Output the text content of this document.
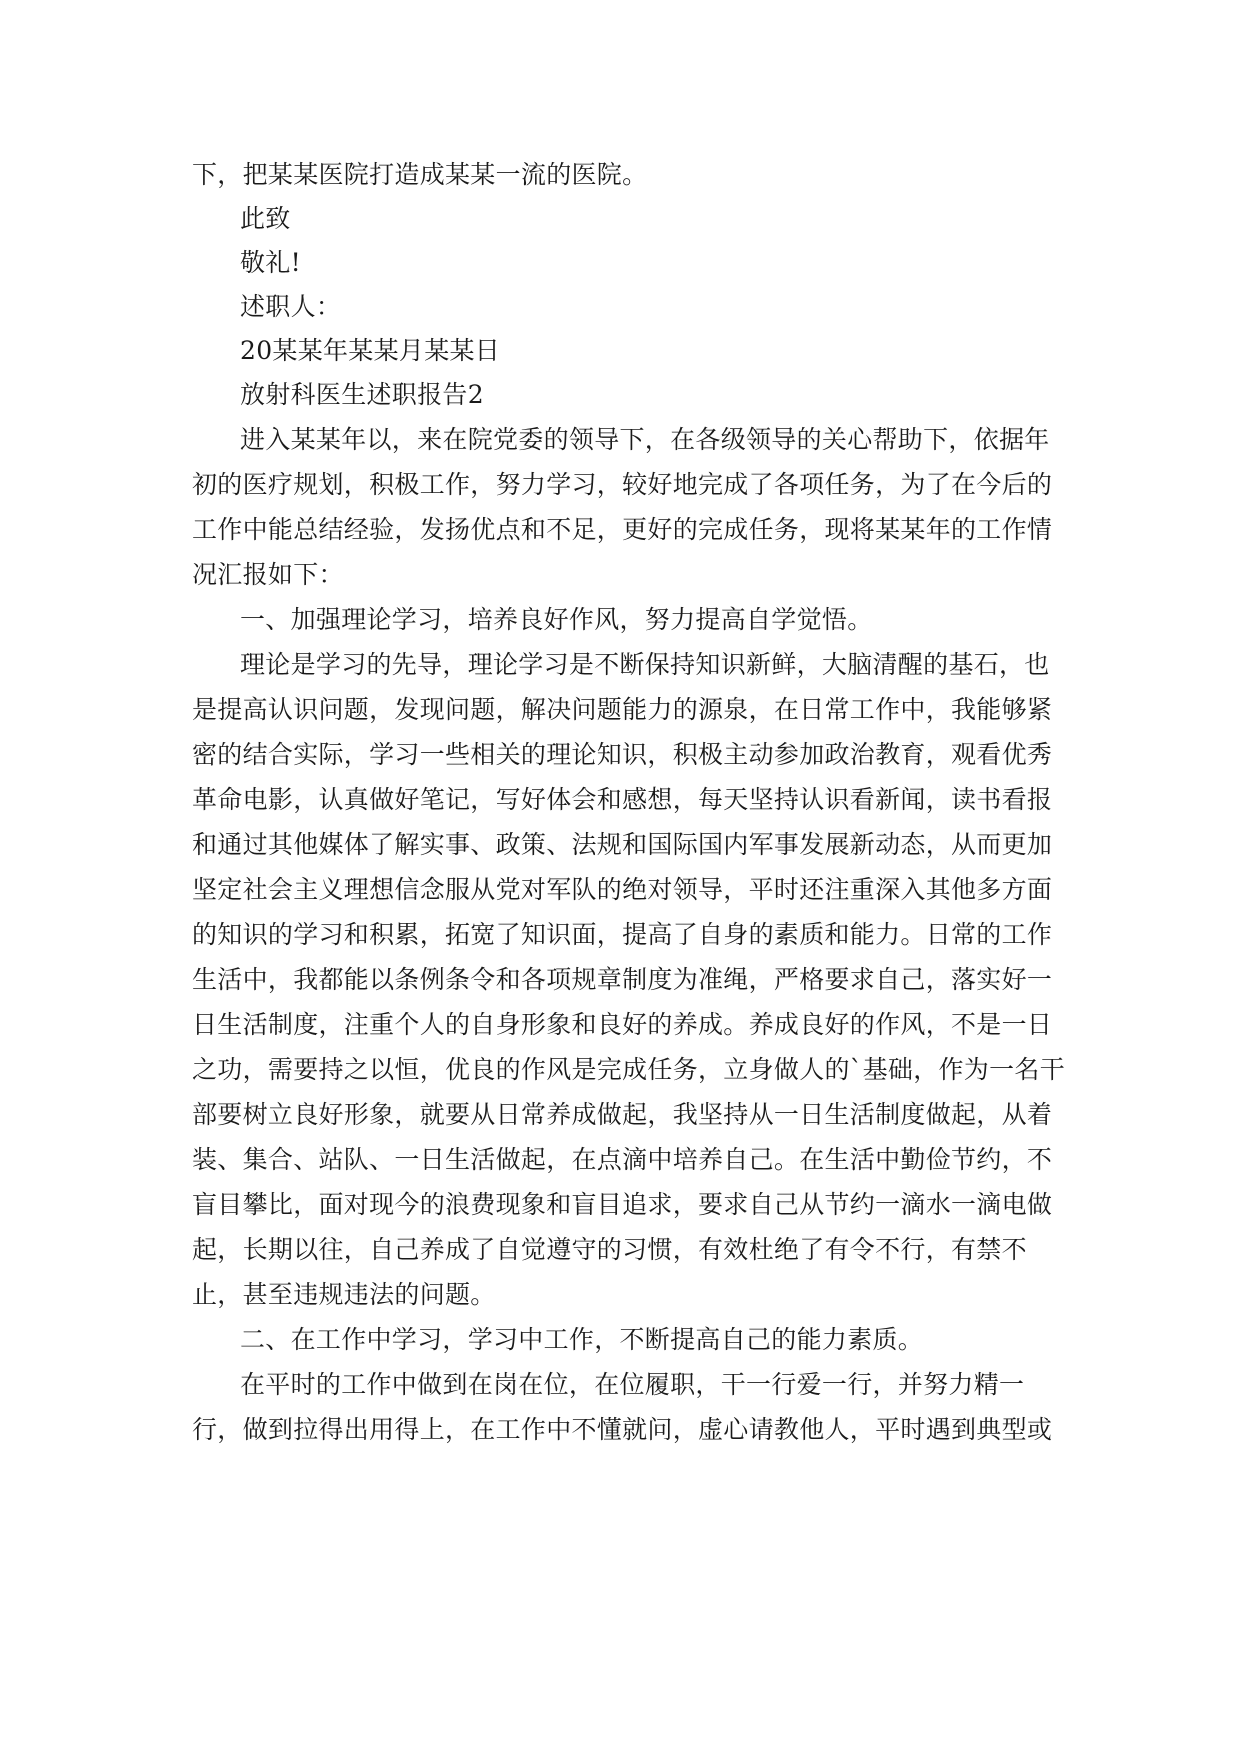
下，把某某医院打造成某某一流的医院。
此致
敬礼!
述职人：
20某某年某某月某某日
放射科医生述职报告2
进入某某年以，来在院党委的领导下，在各级领导的关心帮助下，依据年
初的医疗规划，积极工作，努力学习，较好地完成了各项任务，为了在今后的
工作中能总结经验，发扬优点和不足，更好的完成任务，现将某某年的工作情
况汇报如下：
一、加强理论学习，培养良好作风，努力提高自学觉悟。
理论是学习的先导，理论学习是不断保持知识新鲜，大脑清醒的基石，也
是提高认识问题，发现问题，解决问题能力的源泉，在日常工作中，我能够紧
密的结合实际，学习一些相关的理论知识，积极主动参加政治教育，观看优秀
革命电影，认真做好笔记，写好体会和感想，每天坚持认识看新闻，读书看报
和通过其他媒体了解实事、政策、法规和国际国内军事发展新动态，从而更加
坚定社会主义理想信念服从党对军队的绝对领导，平时还注重深入其他多方面
的知识的学习和积累，拓宽了知识面，提高了自身的素质和能力。日常的工作
生活中，我都能以条例条令和各项规章制度为准绳，严格要求自己，落实好一
日生活制度，注重个人的自身形象和良好的养成。养成良好的作风，不是一日
之功，需要持之以恒，优良的作风是完成任务，立身做人的`基础，作为一名干
部要树立良好形象，就要从日常养成做起，我坚持从一日生活制度做起，从着
装、集合、站队、一日生活做起，在点滴中培养自己。在生活中勤俭节约，不
盲目攀比，面对现今的浪费现象和盲目追求，要求自己从节约一滴水一滴电做
起，长期以往，自己养成了自觉遵守的习惯，有效杜绝了有令不行，有禁不
止，甚至违规违法的问题。
二、在工作中学习，学习中工作，不断提高自己的能力素质。
在平时的工作中做到在岗在位，在位履职，干一行爱一行，并努力精一
行，做到拉得出用得上，在工作中不懂就问，虚心请教他人，平时遇到典型或
